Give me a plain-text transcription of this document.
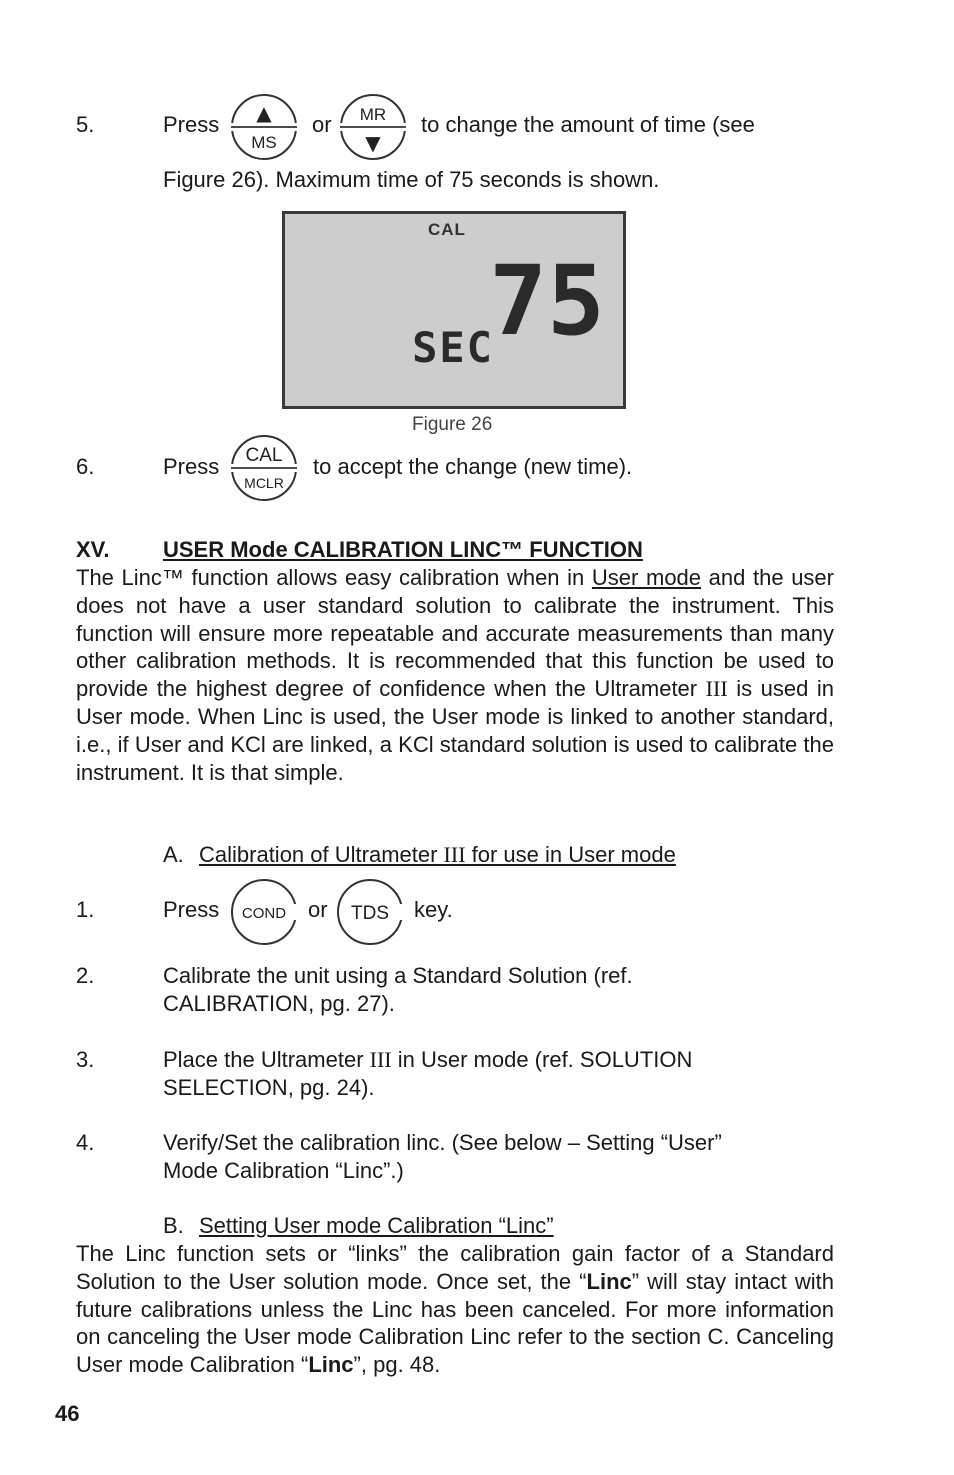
5.	Press ▲
MS
or MR
▼
to change the amount of time (see
Figure 26). Maximum time of 75 seconds is shown.
CAL
75
SEC
Figure 26
6.	Press CAL
MCLR
to accept the change (new time).
XV. USER Mode CALIBRATION LINC™ FUNCTION
The Linc™ function allows easy calibration when in User mode and the user does not have a user standard solution to calibrate the instrument. This function will ensure more repeatable and accurate measurements than many other calibration methods. It is recommended that this function be used to provide the highest degree of confidence when the Ultrameter III is used in User mode. When Linc is used, the User mode is linked to another standard, i.e., if User and KCl are linked, a KCl standard solution is used to calibrate the instrument. It is that simple.
A. Calibration of Ultrameter III for use in User mode
1.	Press COND or TDS key.
2.	Calibrate the unit using a Standard Solution (ref.
CALIBRATION, pg. 27).
3.	Place the Ultrameter III in User mode (ref. SOLUTION
SELECTION, pg. 24).
4.	Verify/Set the calibration linc. (See below – Setting “User”
Mode Calibration “Linc”.)
B. Setting User mode Calibration “Linc”
The Linc function sets or “links” the calibration gain factor of a Standard Solution to the User solution mode. Once set, the “Linc” will stay intact with future calibrations unless the Linc has been canceled. For more information on canceling the User mode Calibration Linc refer to the section C. Canceling User mode Calibration “Linc”, pg. 48.
46
